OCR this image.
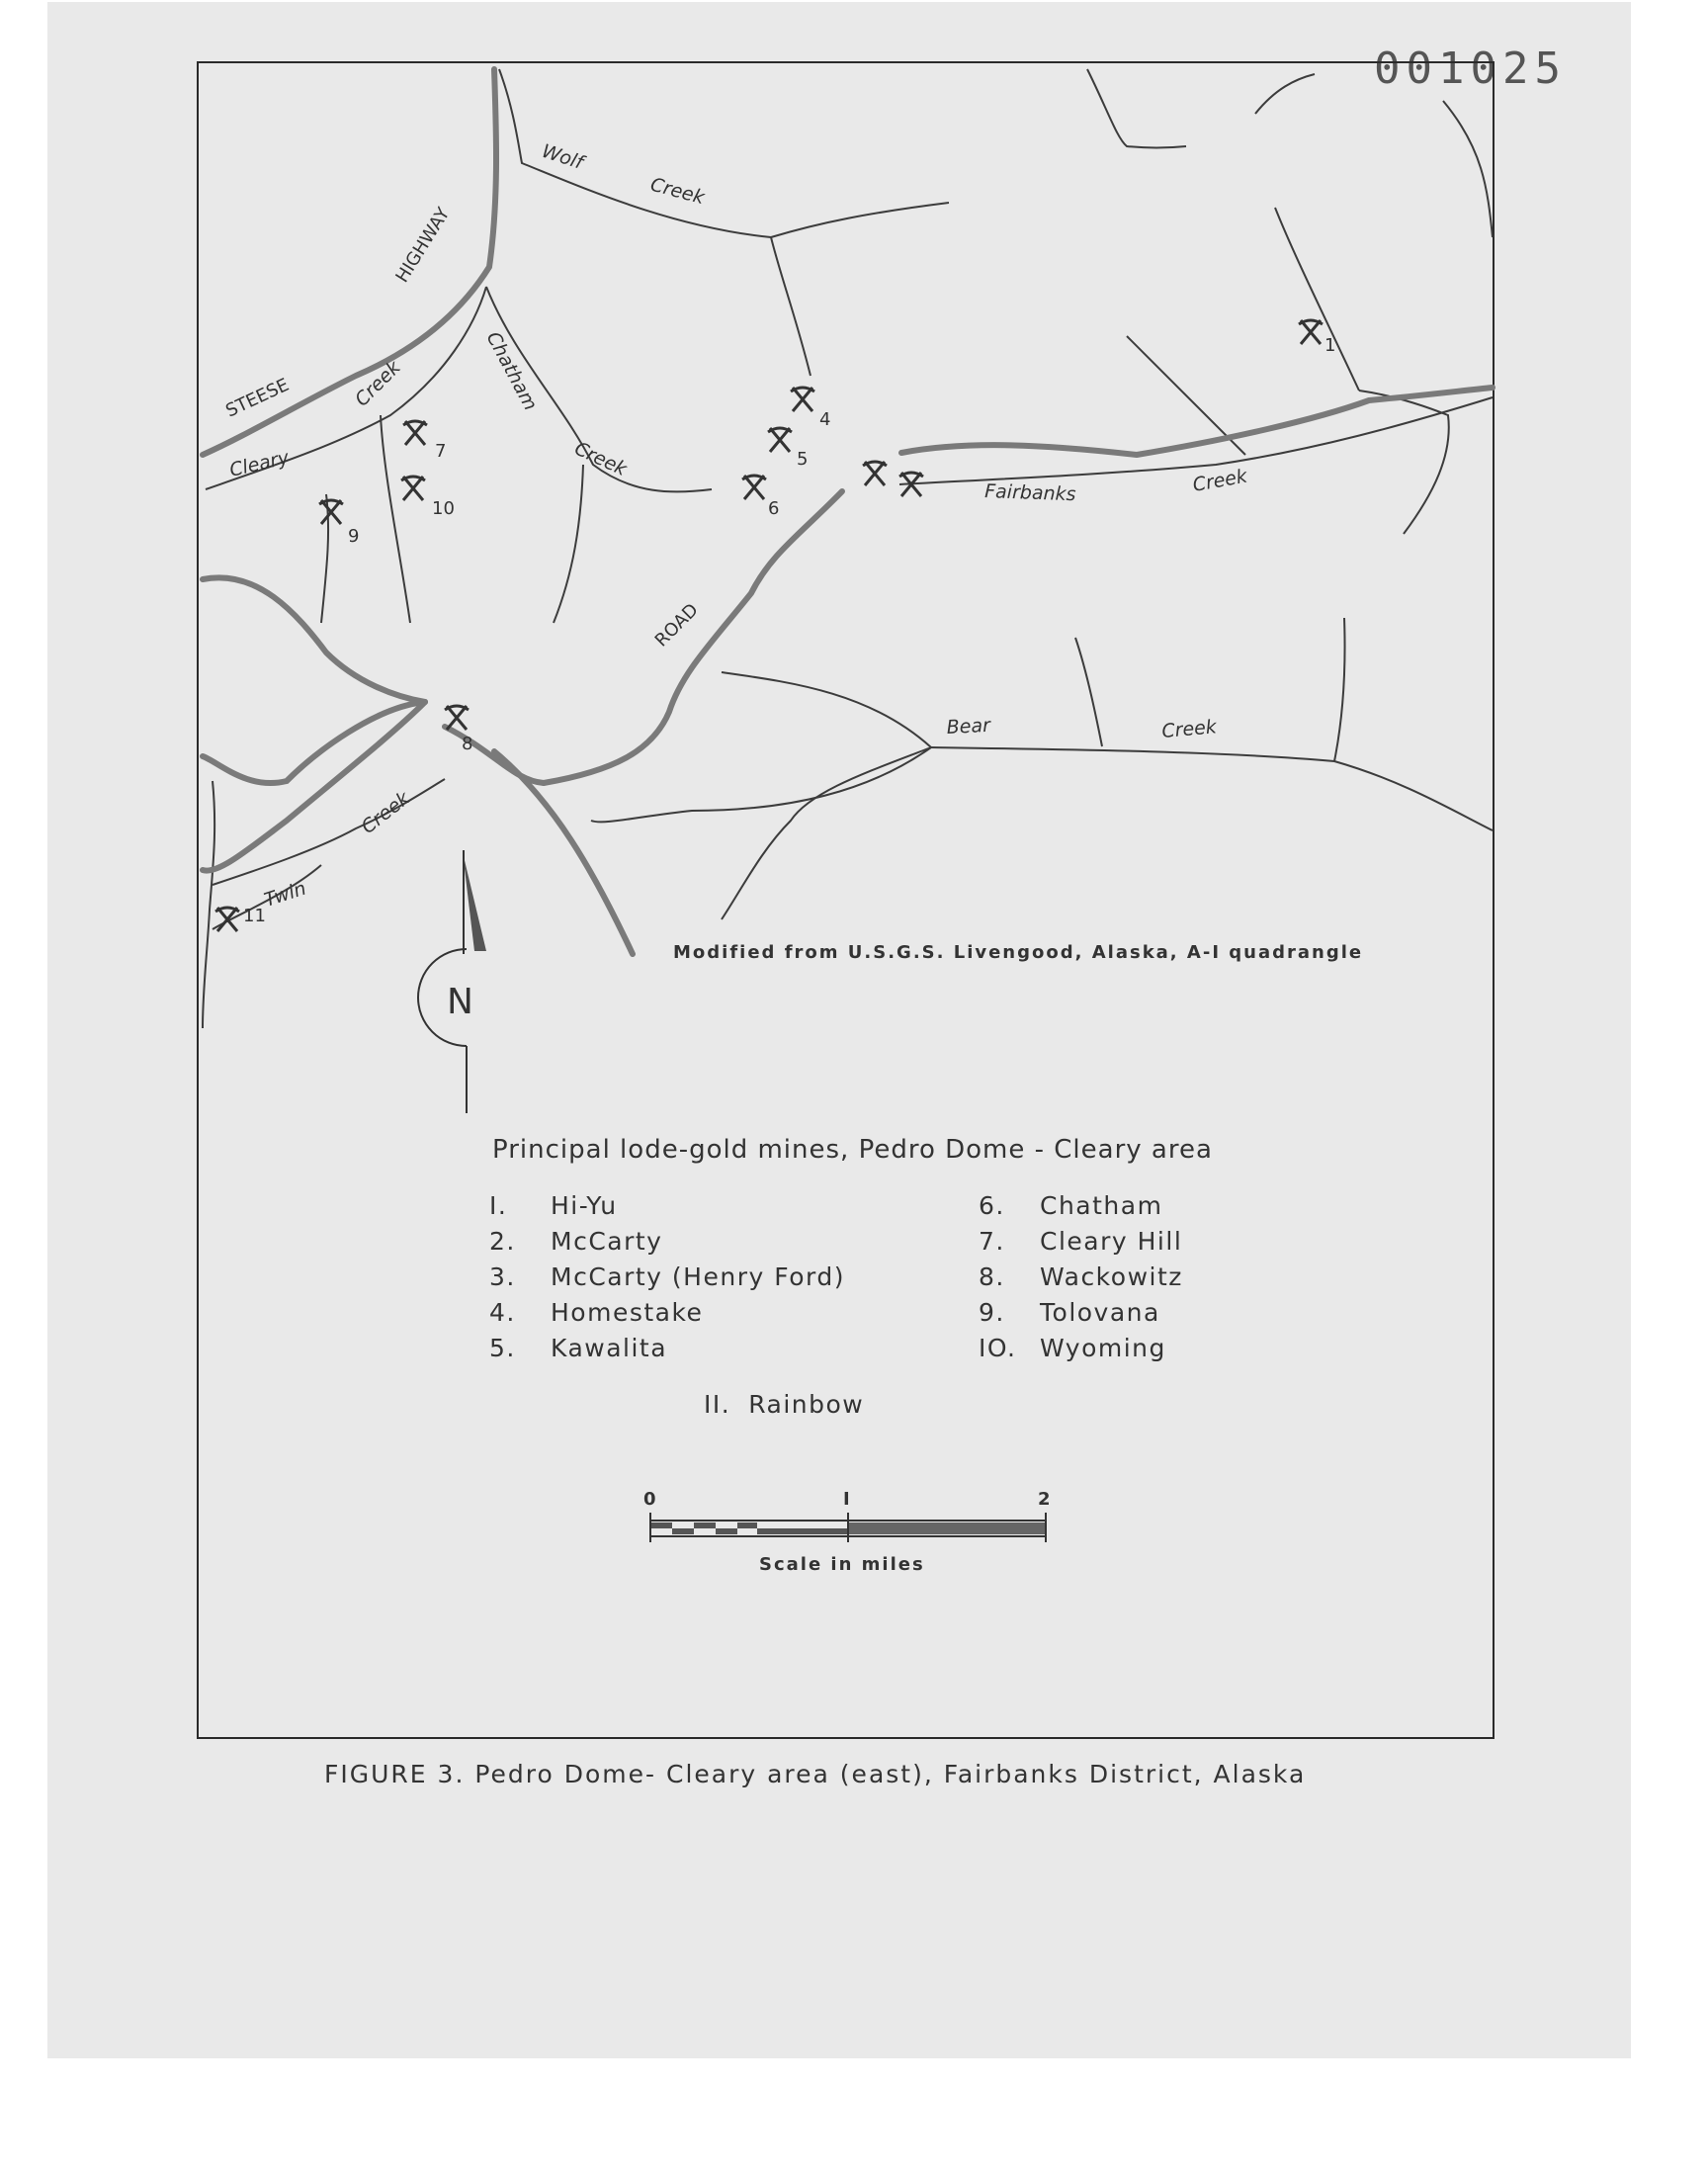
001025
1
4
5
6
7
10
9
8
11
Wolf
Creek
HIGHWAY
STEESE
Cleary
Creek	Chatham
Creek
Fairbanks	Creek
ROAD
Bear	Creek
Twin
Creek
N
Modified from U.S.G.S. Livengood, Alaska, A-I quadrangle
Principal lode-gold mines, Pedro Dome - Cleary area
I.	Hi-Yu
2.	McCarty
3.	McCarty (Henry Ford)
4.	Homestake
5.	Kawalita
6.	Chatham
7.	Cleary Hill
8.	Wackowitz
9.	Tolovana
IO. Wyoming
II. Rainbow
0	I	2
Scale in miles
FIGURE 3. Pedro Dome- Cleary area (east), Fairbanks District, Alaska
